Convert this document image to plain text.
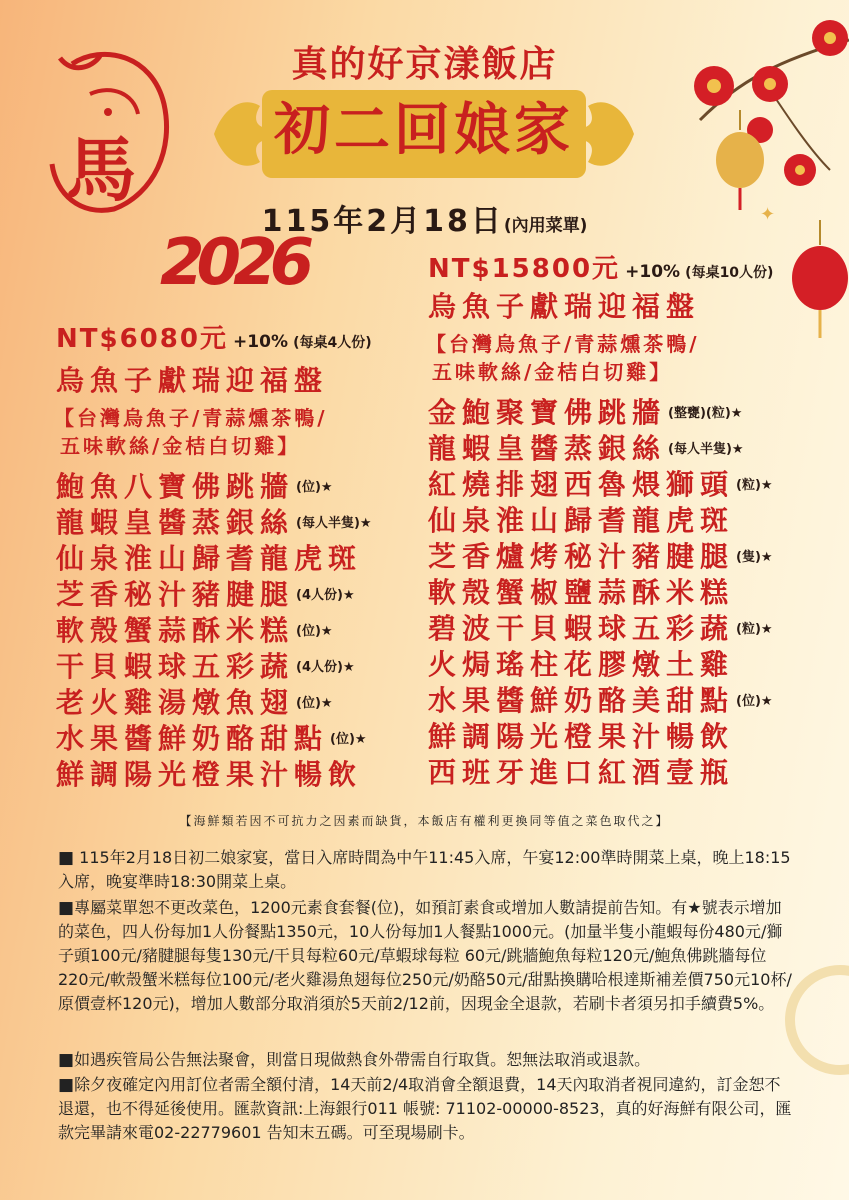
馬
✦
真的好京漾飯店
初二回娘家
115年2月18日(內用菜單)
2026
NT$6080元 +10% (每桌4人份)
烏魚子獻瑞迎福盤
【台灣烏魚子/青蒜燻茶鴨/
五味軟絲/金桔白切雞】
鮑魚八寶佛跳牆 (位)★
龍蝦皇醬蒸銀絲 (每人半隻)★
仙泉淮山歸耆龍虎斑
芝香秘汁豬腱腿 (4人份)★
軟殼蟹蒜酥米糕 (位)★
干貝蝦球五彩蔬 (4人份)★
老火雞湯燉魚翅 (位)★
水果醬鮮奶酪甜點 (位)★
鮮調陽光橙果汁暢飲
NT$15800元 +10% (每桌10人份)
烏魚子獻瑞迎福盤
【台灣烏魚子/青蒜燻茶鴨/
五味軟絲/金桔白切雞】
金鮑聚寶佛跳牆 (整甕)(粒)★
龍蝦皇醬蒸銀絲 (每人半隻)★
紅燒排翅西魯煨獅頭 (粒)★
仙泉淮山歸耆龍虎斑
芝香爐烤秘汁豬腱腿 (隻)★
軟殼蟹椒鹽蒜酥米糕
碧波干貝蝦球五彩蔬 (粒)★
火焗瑤柱花膠燉土雞
水果醬鮮奶酪美甜點 (位)★
鮮調陽光橙果汁暢飲
西班牙進口紅酒壹瓶
【海鮮類若因不可抗力之因素而缺貨，本飯店有權利更換同等值之菜色取代之】
■ 115年2月18日初二娘家宴，當日入席時間為中午11:45入席，午宴12:00準時開菜上桌，晚上18:15入席，晚宴準時18:30開菜上桌。
■專屬菜單恕不更改菜色，1200元素食套餐(位)，如預訂素食或增加人數請提前告知。有★號表示增加的菜色，四人份每加1人份餐點1350元，10人份每加1人餐點1000元。(加量半隻小龍蝦每份480元/獅子頭100元/豬腱腿每隻130元/干貝每粒60元/草蝦球每粒 60元/跳牆鮑魚每粒120元/鮑魚佛跳牆每位220元/軟殼蟹米糕每位100元/老火雞湯魚翅每位250元/奶酪50元/甜點換購哈根達斯補差價750元10杯/原價壹杯120元)，增加人數部分取消須於5天前2/12前，因現金全退款，若刷卡者須另扣手續費5%。
■如遇疾管局公告無法聚會，則當日現做熱食外帶需自行取貨。恕無法取消或退款。
■除夕夜確定內用訂位者需全額付清，14天前2/4取消會全額退費，14天內取消者視同違約，訂金恕不退還，也不得延後使用。匯款資訊:上海銀行011 帳號: 71102-00000-8523，真的好海鮮有限公司，匯款完畢請來電02-22779601 告知末五碼。可至現場刷卡。
